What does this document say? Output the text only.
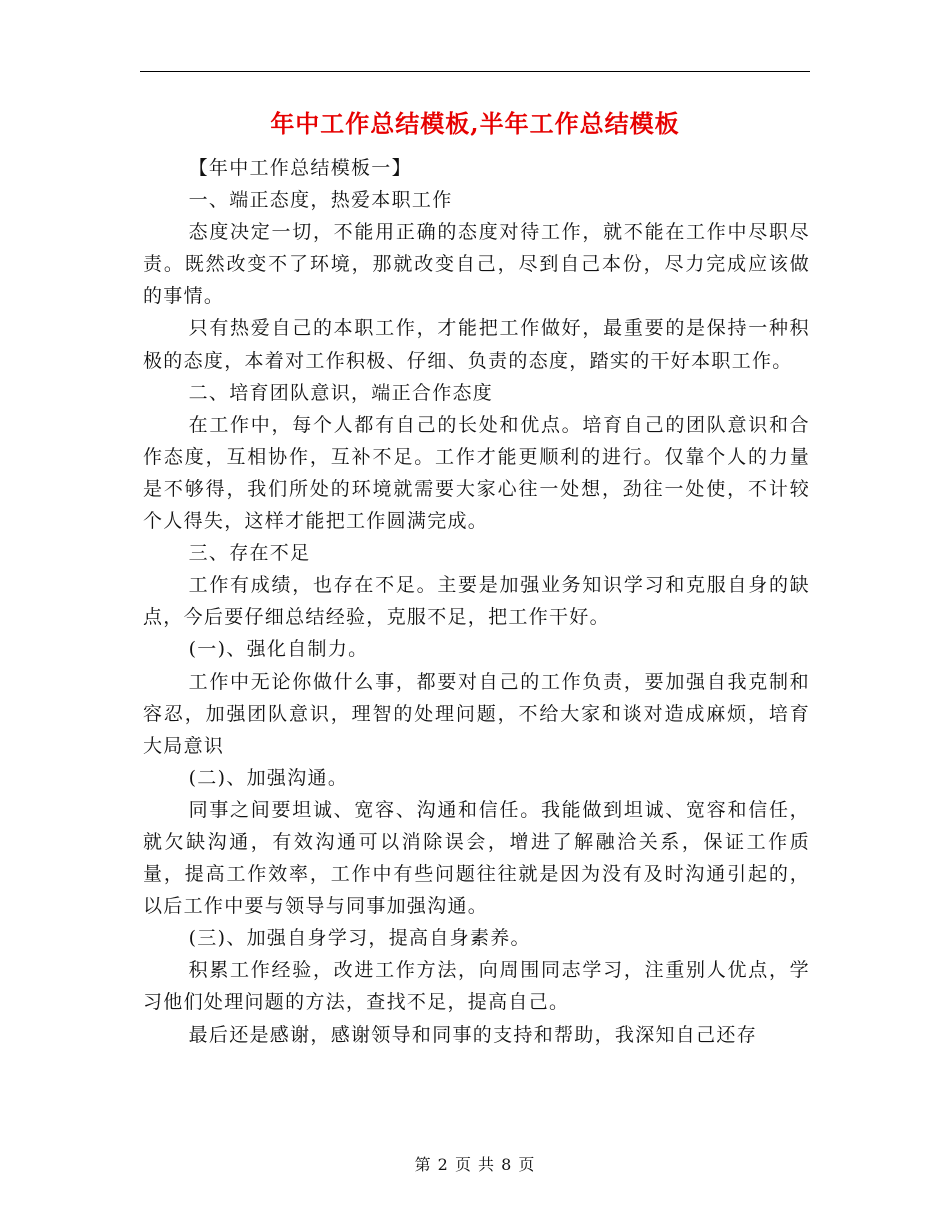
年中工作总结模板,半年工作总结模板

【年中工作总结模板一】

一、端正态度，热爱本职工作

态度决定一切，不能用正确的态度对待工作，就不能在工作中尽职尽责。既然改变不了环境，那就改变自己，尽到自己本份，尽力完成应该做的事情。

只有热爱自己的本职工作，才能把工作做好，最重要的是保持一种积极的态度，本着对工作积极、仔细、负责的态度，踏实的干好本职工作。

二、培育团队意识，端正合作态度

在工作中，每个人都有自己的长处和优点。培育自己的团队意识和合作态度，互相协作，互补不足。工作才能更顺利的进行。仅靠个人的力量是不够得，我们所处的环境就需要大家心往一处想，劲往一处使，不计较个人得失，这样才能把工作圆满完成。

三、存在不足

工作有成绩，也存在不足。主要是加强业务知识学习和克服自身的缺点，今后要仔细总结经验，克服不足，把工作干好。

(一)、强化自制力。

工作中无论你做什么事，都要对自己的工作负责，要加强自我克制和容忍，加强团队意识，理智的处理问题，不给大家和谈对造成麻烦，培育大局意识

(二)、加强沟通。

同事之间要坦诚、宽容、沟通和信任。我能做到坦诚、宽容和信任，就欠缺沟通，有效沟通可以消除误会，增进了解融洽关系，保证工作质量，提高工作效率，工作中有些问题往往就是因为没有及时沟通引起的，以后工作中要与领导与同事加强沟通。

(三)、加强自身学习，提高自身素养。

积累工作经验，改进工作方法，向周围同志学习，注重别人优点，学习他们处理问题的方法，查找不足，提高自己。

最后还是感谢，感谢领导和同事的支持和帮助，我深知自己还存

第 2 页 共 8 页
